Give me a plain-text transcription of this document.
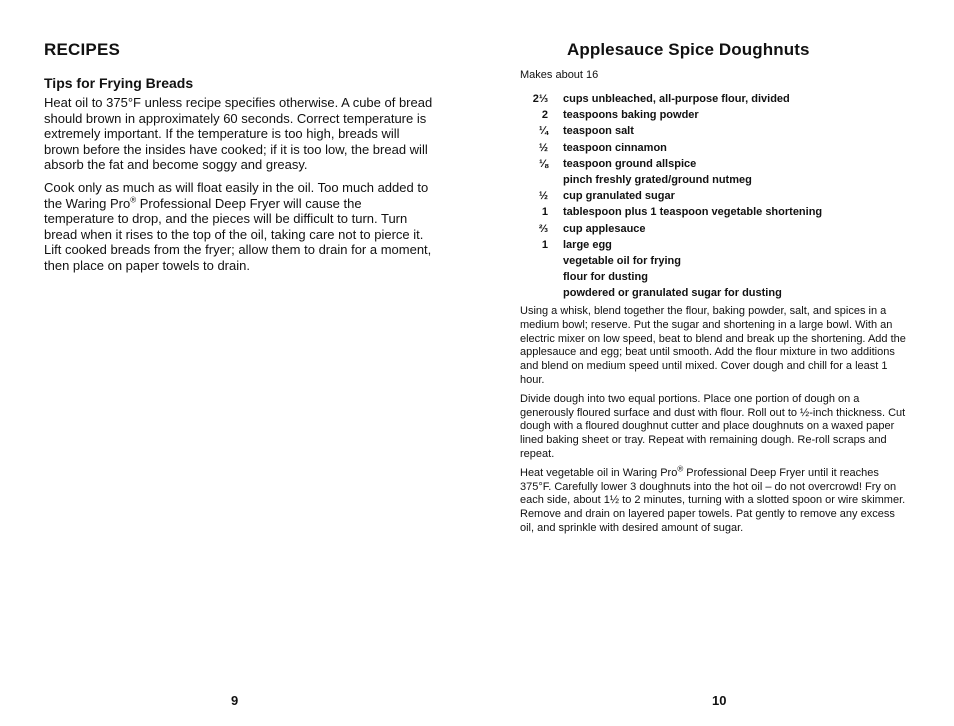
RECIPES
Tips for Frying Breads

Heat oil to 375°F unless recipe specifies otherwise. A cube of bread should brown in approximately 60 seconds. Correct temperature is extremely important. If the temperature is too high, breads will brown before the insides have cooked; if it is too low, the bread will absorb the fat and become soggy and greasy.

Cook only as much as will float easily in the oil. Too much added to the Waring Pro® Professional Deep Fryer will cause the temperature to drop, and the pieces will be difficult to turn. Turn bread when it rises to the top of the oil, taking care not to pierce it. Lift cooked breads from the fryer; allow them to drain for a moment, then place on paper towels to drain.

9
Applesauce Spice Doughnuts

Makes about 16

2⅓ cups unbleached, all-purpose flour, divided
2 teaspoons baking powder
¼ teaspoon salt
½ teaspoon cinnamon
⅛ teaspoon ground allspice
pinch freshly grated/ground nutmeg
½ cup granulated sugar
1 tablespoon plus 1 teaspoon vegetable shortening
⅔ cup applesauce
1 large egg
vegetable oil for frying
flour for dusting
powdered or granulated sugar for dusting

Using a whisk, blend together the flour, baking powder, salt, and spices in a medium bowl; reserve. Put the sugar and shortening in a large bowl. With an electric mixer on low speed, beat to blend and break up the shortening. Add the applesauce and egg; beat until smooth. Add the flour mixture in two additions and blend on medium speed until mixed. Cover dough and chill for a least 1 hour.

Divide dough into two equal portions. Place one portion of dough on a generously floured surface and dust with flour. Roll out to ½-inch thickness. Cut dough with a floured doughnut cutter and place doughnuts on a waxed paper lined baking sheet or tray. Repeat with remaining dough. Re-roll scraps and repeat.

Heat vegetable oil in Waring Pro® Professional Deep Fryer until it reaches 375°F. Carefully lower 3 doughnuts into the hot oil – do not overcrowd! Fry on each side, about 1½ to 2 minutes, turning with a slotted spoon or wire skimmer. Remove and drain on layered paper towels. Pat gently to remove any excess oil, and sprinkle with desired amount of sugar.

10
